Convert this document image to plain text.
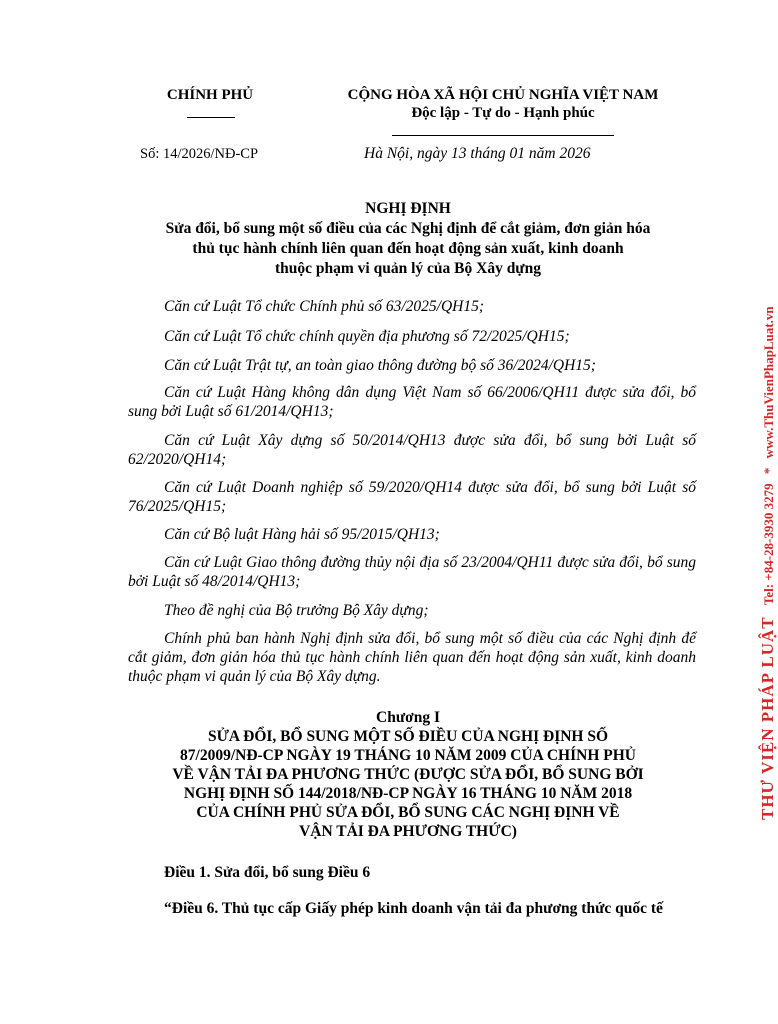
CHÍNH PHỦ	CỘNG HÒA XÃ HỘI CHỦ NGHĨA VIỆT NAM
Độc lập - Tự do - Hạnh phúc
Số: 14/2026/NĐ-CP	Hà Nội, ngày 13 tháng 01 năm 2026
NGHỊ ĐỊNH
Sửa đổi, bổ sung một số điều của các Nghị định để cắt giảm, đơn giản hóa
thủ tục hành chính liên quan đến hoạt động sản xuất, kinh doanh
thuộc phạm vi quản lý của Bộ Xây dựng
Căn cứ Luật Tổ chức Chính phủ số 63/2025/QH15;
Căn cứ Luật Tổ chức chính quyền địa phương số 72/2025/QH15;
Căn cứ Luật Trật tự, an toàn giao thông đường bộ số 36/2024/QH15;
Căn cứ Luật Hàng không dân dụng Việt Nam số 66/2006/QH11 được sửa đổi, bổ sung bởi Luật số 61/2014/QH13;
Căn cứ Luật Xây dựng số 50/2014/QH13 được sửa đổi, bổ sung bởi Luật số 62/2020/QH14;
Căn cứ Luật Doanh nghiệp số 59/2020/QH14 được sửa đổi, bổ sung bởi Luật số 76/2025/QH15;
Căn cứ Bộ luật Hàng hải số 95/2015/QH13;
Căn cứ Luật Giao thông đường thủy nội địa số 23/2004/QH11 được sửa đổi, bổ sung bởi Luật số 48/2014/QH13;
Theo đề nghị của Bộ trưởng Bộ Xây dựng;
Chính phủ ban hành Nghị định sửa đổi, bổ sung một số điều của các Nghị định để cắt giảm, đơn giản hóa thủ tục hành chính liên quan đến hoạt động sản xuất, kinh doanh thuộc phạm vi quản lý của Bộ Xây dựng.
Chương I
SỬA ĐỔI, BỔ SUNG MỘT SỐ ĐIỀU CỦA NGHỊ ĐỊNH SỐ
87/2009/NĐ-CP NGÀY 19 THÁNG 10 NĂM 2009 CỦA CHÍNH PHỦ
VỀ VẬN TẢI ĐA PHƯƠNG THỨC (ĐƯỢC SỬA ĐỔI, BỔ SUNG BỞI
NGHỊ ĐỊNH SỐ 144/2018/NĐ-CP NGÀY 16 THÁNG 10 NĂM 2018
CỦA CHÍNH PHỦ SỬA ĐỔI, BỔ SUNG CÁC NGHỊ ĐỊNH VỀ
VẬN TẢI ĐA PHƯƠNG THỨC)
Điều 1. Sửa đổi, bổ sung Điều 6
“Điều 6. Thủ tục cấp Giấy phép kinh doanh vận tải đa phương thức quốc tế
THƯ VIỆN PHÁP LUẬT Tel: +84-28-3930 3279 * www.ThuVienPhapLuat.vn
